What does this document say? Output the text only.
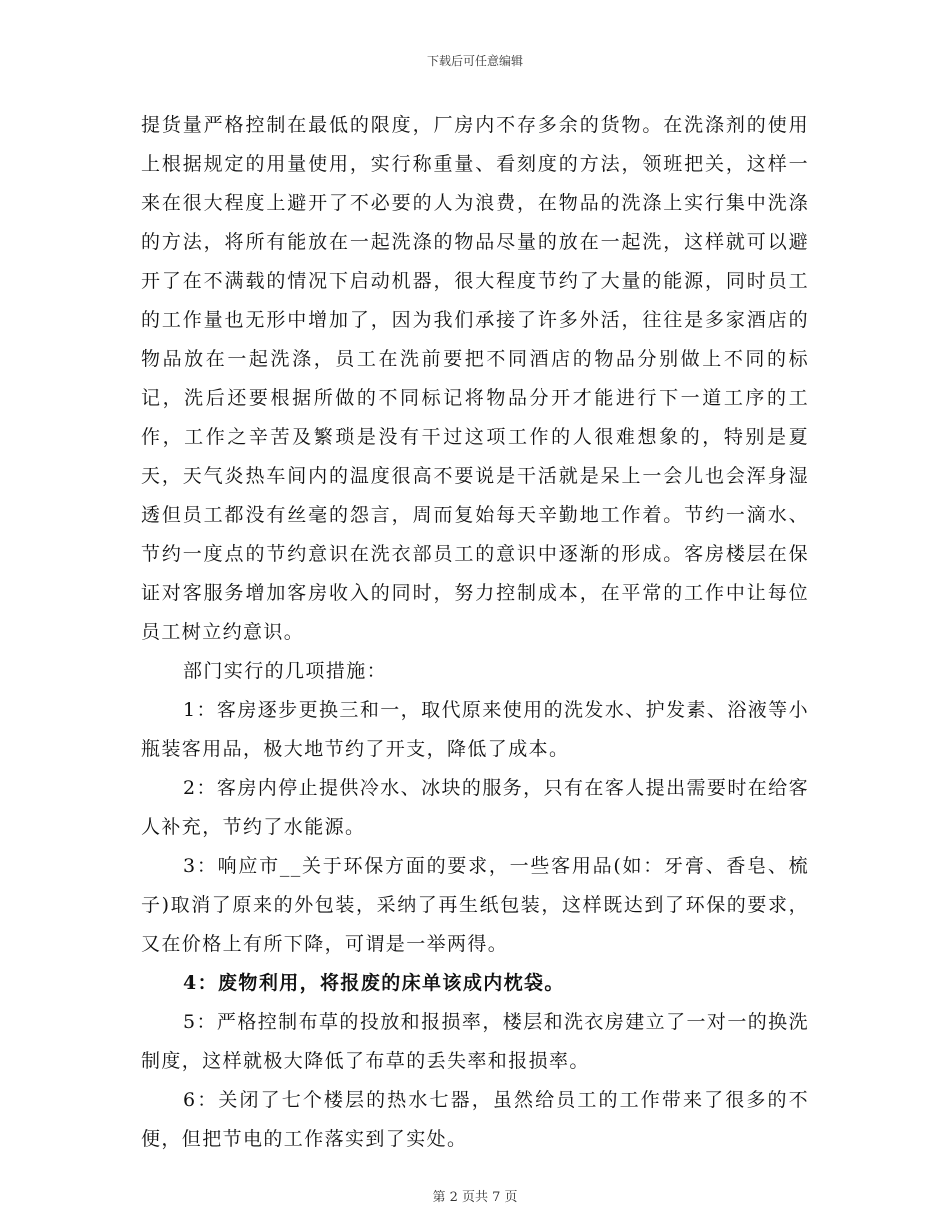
下载后可任意编辑

提货量严格控制在最低的限度，厂房内不存多余的货物。在洗涤剂的使用上根据规定的用量使用，实行称重量、看刻度的方法，领班把关，这样一来在很大程度上避开了不必要的人为浪费，在物品的洗涤上实行集中洗涤的方法，将所有能放在一起洗涤的物品尽量的放在一起洗，这样就可以避开了在不满载的情况下启动机器，很大程度节约了大量的能源，同时员工的工作量也无形中增加了，因为我们承接了许多外活，往往是多家酒店的物品放在一起洗涤，员工在洗前要把不同酒店的物品分别做上不同的标记，洗后还要根据所做的不同标记将物品分开才能进行下一道工序的工作，工作之辛苦及繁琐是没有干过这项工作的人很难想象的，特别是夏天，天气炎热车间内的温度很高不要说是干活就是呆上一会儿也会浑身湿透但员工都没有丝毫的怨言，周而复始每天辛勤地工作着。节约一滴水、节约一度点的节约意识在洗衣部员工的意识中逐渐的形成。客房楼层在保证对客服务增加客房收入的同时，努力控制成本，在平常的工作中让每位员工树立约意识。

部门实行的几项措施：

1：客房逐步更换三和一，取代原来使用的洗发水、护发素、浴液等小瓶装客用品，极大地节约了开支，降低了成本。

2：客房内停止提供冷水、冰块的服务，只有在客人提出需要时在给客人补充，节约了水能源。

3：响应市__关于环保方面的要求，一些客用品(如：牙膏、香皂、梳子)取消了原来的外包装，采纳了再生纸包装，这样既达到了环保的要求，又在价格上有所下降，可谓是一举两得。

4：废物利用，将报废的床单该成内枕袋。

5：严格控制布草的投放和报损率，楼层和洗衣房建立了一对一的换洗制度，这样就极大降低了布草的丢失率和报损率。

6：关闭了七个楼层的热水七器，虽然给员工的工作带来了很多的不便，但把节电的工作落实到了实处。

第 2 页共 7 页
